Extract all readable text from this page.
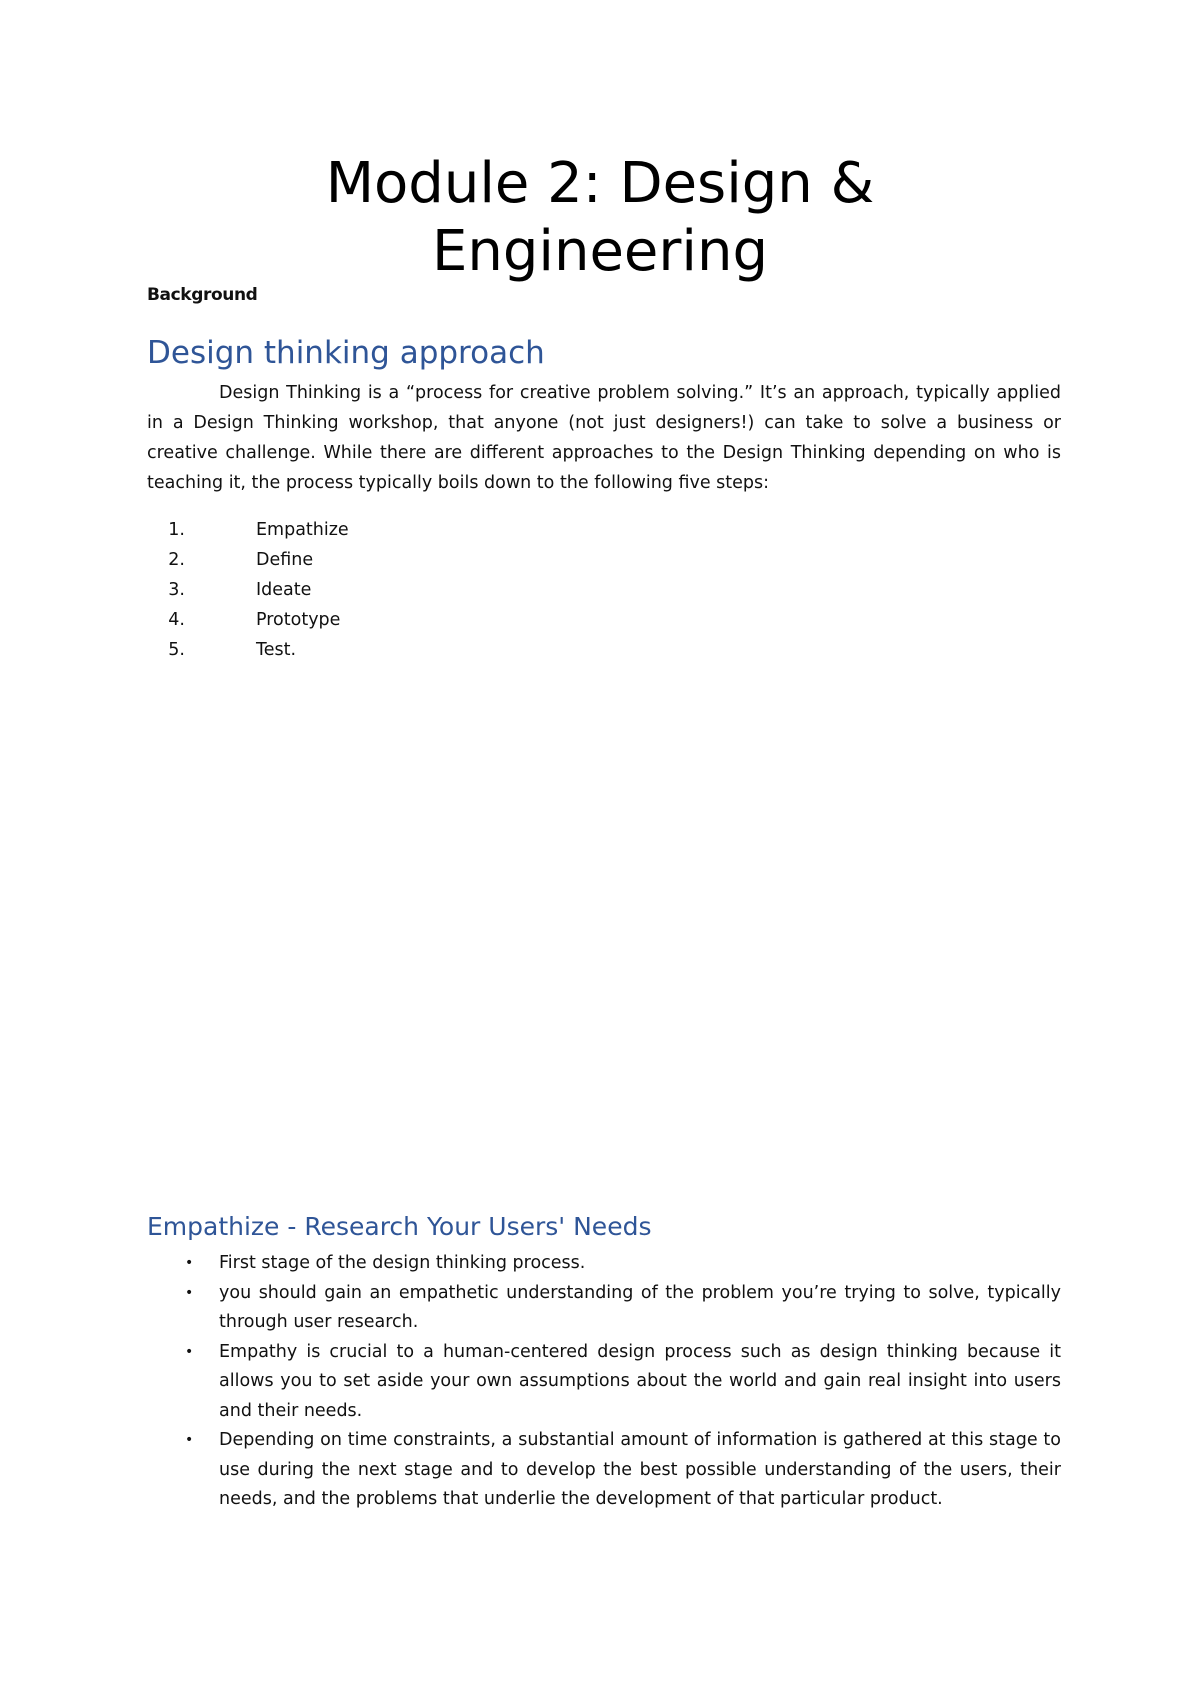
Module 2: Design &
Engineering

Background

Design thinking approach

Design Thinking is a “process for creative problem solving.” It’s an approach, typically applied in a Design Thinking workshop, that anyone (not just designers!) can take to solve a business or creative challenge. While there are different approaches to the Design Thinking depending on who is teaching it, the process typically boils down to the following five steps:

1.	Empathize
2.	Define
3.	Ideate
4.	Prototype
5.	Test.
Empathize - Research Your Users' Needs
• First stage of the design thinking process.
• you should gain an empathetic understanding of the problem you’re trying to solve, typically through user research.
• Empathy is crucial to a human-centered design process such as design thinking because it allows you to set aside your own assumptions about the world and gain real insight into users and their needs.
• Depending on time constraints, a substantial amount of information is gathered at this stage to use during the next stage and to develop the best possible understanding of the users, their needs, and the problems that underlie the development of that particular product.
